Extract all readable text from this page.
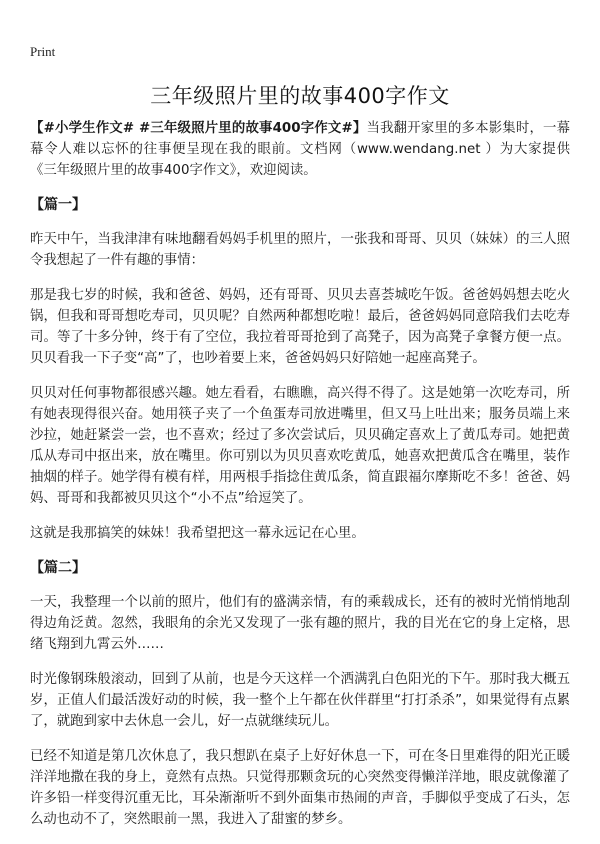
Print
三年级照片里的故事400字作文

【#小学生作文# #三年级照片里的故事400字作文#】当我翻开家里的多本影集时，一幕幕令人难以忘怀的往事便呈现在我的眼前。文档网（www.wendang.net ）为大家提供《三年级照片里的故事400字作文》，欢迎阅读。

【篇一】

昨天中午，当我津津有味地翻看妈妈手机里的照片，一张我和哥哥、贝贝（妹妹）的三人照令我想起了一件有趣的事情：

那是我七岁的时候，我和爸爸、妈妈，还有哥哥、贝贝去喜荟城吃午饭。爸爸妈妈想去吃火锅，但我和哥哥想吃寿司，贝贝呢？自然两种都想吃啦！最后，爸爸妈妈同意陪我们去吃寿司。等了十多分钟，终于有了空位，我拉着哥哥抢到了高凳子，因为高凳子拿餐方便一点。贝贝看我一下子变“高”了，也吵着要上来，爸爸妈妈只好陪她一起座高凳子。

贝贝对任何事物都很感兴趣。她左看看，右瞧瞧，高兴得不得了。这是她第一次吃寿司，所有她表现得很兴奋。她用筷子夹了一个鱼蛋寿司放进嘴里，但又马上吐出来；服务员端上来沙拉，她赶紧尝一尝，也不喜欢；经过了多次尝试后，贝贝确定喜欢上了黄瓜寿司。她把黄瓜从寿司中抠出来，放在嘴里。你可别以为贝贝喜欢吃黄瓜，她喜欢把黄瓜含在嘴里，装作抽烟的样子。她学得有模有样，用两根手指捻住黄瓜条，简直跟福尔摩斯吃不多！爸爸、妈妈、哥哥和我都被贝贝这个“小不点”给逗笑了。

这就是我那搞笑的妹妹！我希望把这一幕永远记在心里。

【篇二】

一天，我整理一个以前的照片，他们有的盛满亲情，有的乘载成长，还有的被时光悄悄地刮得边角泛黄。忽然，我眼角的余光又发现了一张有趣的照片，我的目光在它的身上定格，思绪飞翔到九霄云外……

时光像钢珠般滚动，回到了从前，也是今天这样一个洒满乳白色阳光的下午。那时我大概五岁，正值人们最活泼好动的时候，我一整个上午都在伙伴群里“打打杀杀”，如果觉得有点累了，就跑到家中去休息一会儿，好一点就继续玩儿。

已经不知道是第几次休息了，我只想趴在桌子上好好休息一下，可在冬日里难得的阳光正暖洋洋地撒在我的身上，竟然有点热。只觉得那颗贪玩的心突然变得懒洋洋地，眼皮就像灌了许多铅一样变得沉重无比，耳朵渐渐听不到外面集市热闹的声音，手脚似乎变成了石头，怎么动也动不了，突然眼前一黑，我进入了甜蜜的梦乡。
